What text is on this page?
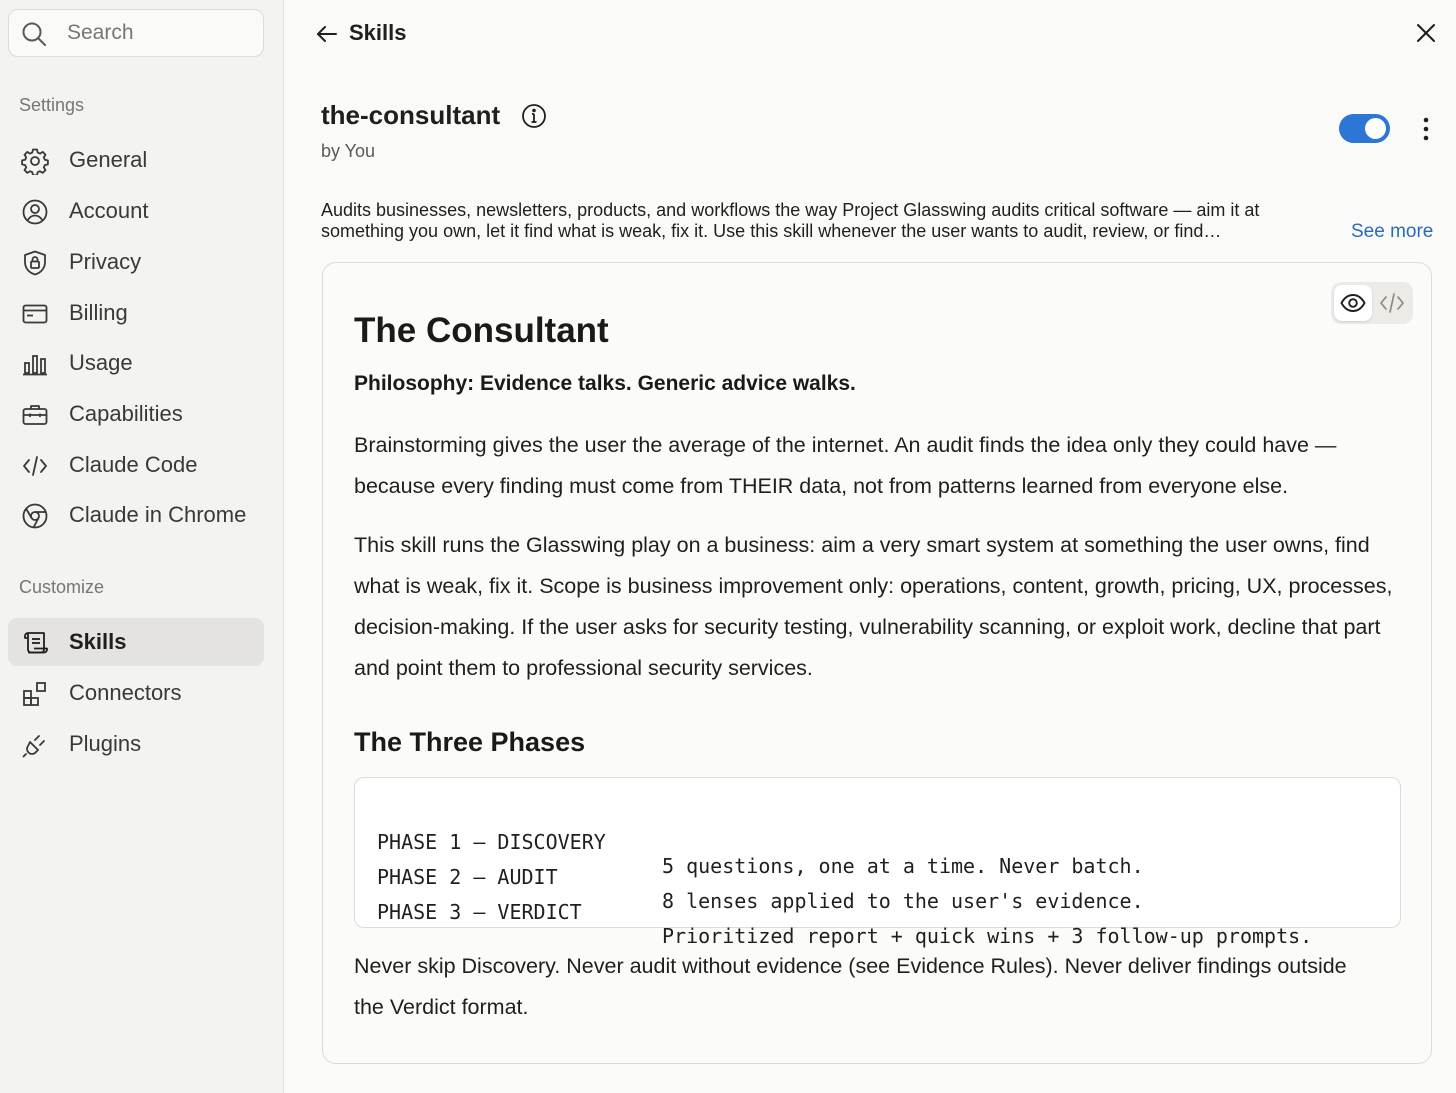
Search
Settings
General
Account
Privacy
Billing
Usage
Capabilities
Claude Code
Claude in Chrome
Customize
Skills
Connectors
Plugins
Skills
the-consultant
by You
Audits businesses, newsletters, products, and workflows the way Project Glasswing audits critical software — aim it at something you own, let it find what is weak, fix it. Use this skill whenever the user wants to audit, review, or find…	See more
The Consultant
Philosophy: Evidence talks. Generic advice walks.
Brainstorming gives the user the average of the internet. An audit finds the idea only they could have — because every finding must come from THEIR data, not from patterns learned from everyone else.
This skill runs the Glasswing play on a business: aim a very smart system at something the user owns, find what is weak, fix it. Scope is business improvement only: operations, content, growth, pricing, UX, processes, decision-making. If the user asks for security testing, vulnerability scanning, or exploit work, decline that part and point them to professional security services.
The Three Phases

PHASE 1 — DISCOVERY

5 questions, one at a time. Never batch.

PHASE 2 — AUDIT

8 lenses applied to the user's evidence.

PHASE 3 — VERDICT

Prioritized report + quick wins + 3 follow-up prompts.

Never skip Discovery. Never audit without evidence (see Evidence Rules). Never deliver findings outside the Verdict format.
